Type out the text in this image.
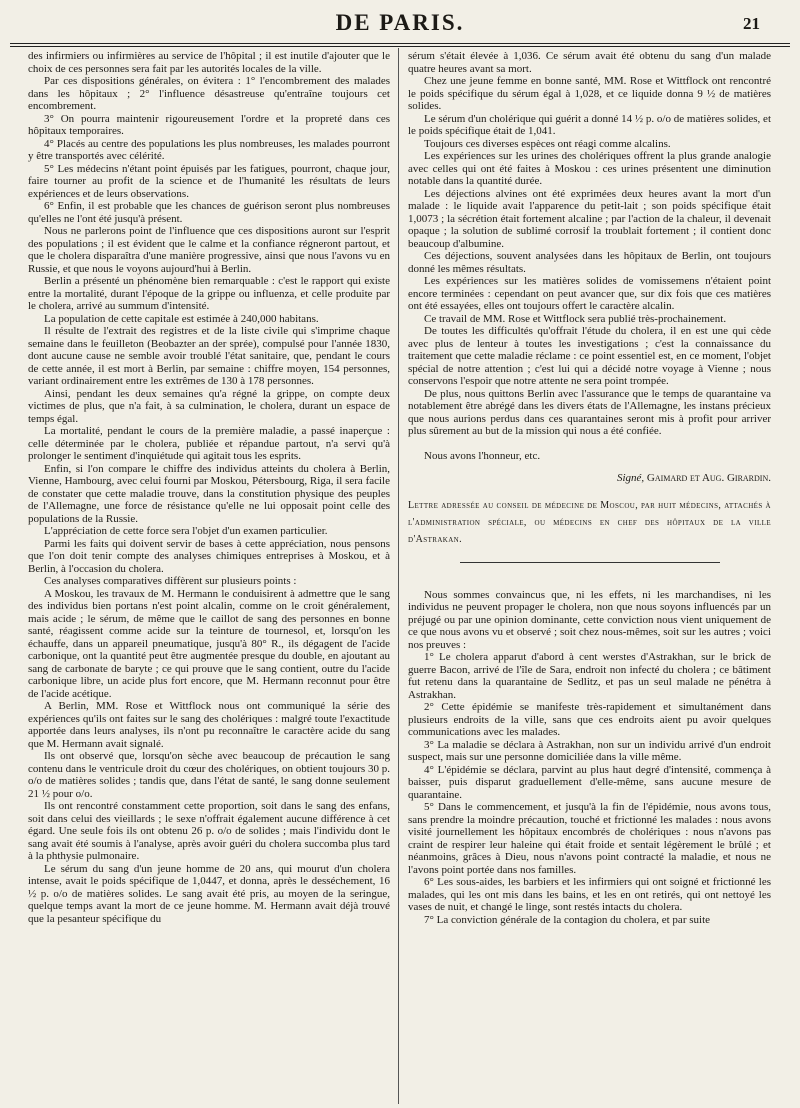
DE PARIS.	21

des infirmiers ou infirmières au service de l'hôpital ; il est inutile d'ajouter que le choix de ces personnes sera fait par les autorités locales de la ville.

Par ces dispositions générales, on évitera : 1° l'encombrement des malades dans les hôpitaux ; 2° l'influence désastreuse qu'entraîne toujours cet encombrement.

3° On pourra maintenir rigoureusement l'ordre et la propreté dans ces hôpitaux temporaires.

4° Placés au centre des populations les plus nombreuses, les malades pourront y être transportés avec célérité.

5° Les médecins n'étant point épuisés par les fatigues, pourront, chaque jour, faire tourner au profit de la science et de l'humanité les résultats de leurs expériences et de leurs observations.

6° Enfin, il est probable que les chances de guérison seront plus nombreuses qu'elles ne l'ont été jusqu'à présent.

Nous ne parlerons point de l'influence que ces dispositions auront sur l'esprit des populations ; il est évident que le calme et la confiance régneront partout, et que le cholera disparaîtra d'une manière progressive, ainsi que nous l'avons vu en Russie, et que nous le voyons aujourd'hui à Berlin.

Berlin a présenté un phénomène bien remarquable : c'est le rapport qui existe entre la mortalité, durant l'époque de la grippe ou influenza, et celle produite par le cholera, arrivé au summum d'intensité.

La population de cette capitale est estimée à 240,000 habitans.

Il résulte de l'extrait des registres et de la liste civile qui s'imprime chaque semaine dans le feuilleton (Beobazter an der sprée), compulsé pour l'année 1830, dont aucune cause ne semble avoir troublé l'état sanitaire, que, pendant le cours de cette année, il est mort à Berlin, par semaine : chiffre moyen, 154 personnes, variant ordinairement entre les extrêmes de 130 à 178 personnes.

Ainsi, pendant les deux semaines qu'a régné la grippe, on compte deux victimes de plus, que n'a fait, à sa culmination, le cholera, durant un espace de temps égal.

La mortalité, pendant le cours de la première maladie, a passé inaperçue : celle déterminée par le cholera, publiée et répandue partout, n'a servi qu'à prolonger le sentiment d'inquiétude qui agitait tous les esprits.

Enfin, si l'on compare le chiffre des individus atteints du cholera à Berlin, Vienne, Hambourg, avec celui fourni par Moskou, Pétersbourg, Riga, il sera facile de constater que cette maladie trouve, dans la constitution physique des peuples de l'Allemagne, une force de résistance qu'elle ne lui opposait point celle des populations de la Russie.

L'appréciation de cette force sera l'objet d'un examen particulier.

Parmi les faits qui doivent servir de bases à cette appréciation, nous pensons que l'on doit tenir compte des analyses chimiques entreprises à Moskou, et à Berlin, à l'occasion du cholera.

Ces analyses comparatives diffèrent sur plusieurs points :

A Moskou, les travaux de M. Hermann le conduisirent à admettre que le sang des individus bien portans n'est point alcalin, comme on le croit généralement, mais acide ; le sérum, de même que le caillot de sang des personnes en bonne santé, réagissent comme acide sur la teinture de tournesol, et, lorsqu'on les échauffe, dans un appareil pneumatique, jusqu'à 80° R., ils dégagent de l'acide carbonique, ont la quantité peut être augmentée presque du double, en ajoutant au sang de carbonate de baryte ; ce qui prouve que le sang contient, outre du l'acide carbonique libre, un acide plus fort encore, que M. Hermann reconnut pour être de l'acide acétique.

A Berlin, MM. Rose et Wittflock nous ont communiqué la série des expériences qu'ils ont faites sur le sang des cholériques : malgré toute l'exactitude apportée dans leurs analyses, ils n'ont pu reconnaître le caractère acide du sang que M. Hermann avait signalé.

Ils ont observé que, lorsqu'on sèche avec beaucoup de précaution le sang contenu dans le ventricule droit du cœur des cholériques, on obtient toujours 30 p. o/o de matières solides ; tandis que, dans l'état de santé, le sang donne seulement 21 ½ pour o/o.

Ils ont rencontré constamment cette proportion, soit dans le sang des enfans, soit dans celui des vieillards ; le sexe n'offrait également aucune différence à cet égard. Une seule fois ils ont obtenu 26 p. o/o de solides ; mais l'individu dont le sang avait été soumis à l'analyse, après avoir guéri du cholera succomba plus tard à la phthysie pulmonaire.

Le sérum du sang d'un jeune homme de 20 ans, qui mourut d'un cholera intense, avait le poids spécifique de 1,0447, et donna, après le desséchement, 16 ½ p. o/o de matières solides. Le sang avait été pris, au moyen de la seringue, quelque temps avant la mort de ce jeune homme. M. Hermann avait déjà trouvé que la pesanteur spécifique du

sérum s'était élevée à 1,036. Ce sérum avait été obtenu du sang d'un malade quatre heures avant sa mort.

Chez une jeune femme en bonne santé, MM. Rose et Wittflock ont rencontré le poids spécifique du sérum égal à 1,028, et ce liquide donna 9 ½ de matières solides.

Le sérum d'un cholérique qui guérit a donné 14 ½ p. o/o de matières solides, et le poids spécifique était de 1,041.

Toujours ces diverses espèces ont réagi comme alcalins.

Les expériences sur les urines des cholériques offrent la plus grande analogie avec celles qui ont été faites à Moskou : ces urines présentent une diminution notable dans la quantité durée.

Les déjections alvines ont été exprimées deux heures avant la mort d'un malade : le liquide avait l'apparence du petit-lait ; son poids spécifique était 1,0073 ; la sécrétion était fortement alcaline ; par l'action de la chaleur, il devenait opaque ; la solution de sublimé corrosif la troublait fortement ; il contient donc beaucoup d'albumine.

Ces déjections, souvent analysées dans les hôpitaux de Berlin, ont toujours donné les mêmes résultats.

Les expériences sur les matières solides de vomissemens n'étaient point encore terminées : cependant on peut avancer que, sur dix fois que ces matières ont été essayées, elles ont toujours offert le caractère alcalin.

Ce travail de MM. Rose et Wittflock sera publié très-prochainement.

De toutes les difficultés qu'offrait l'étude du cholera, il en est une qui cède avec plus de lenteur à toutes les investigations ; c'est la connaissance du traitement que cette maladie réclame : ce point essentiel est, en ce moment, l'objet spécial de notre attention ; c'est lui qui a décidé notre voyage à Vienne ; nous conservons l'espoir que notre attente ne sera point trompée.

De plus, nous quittons Berlin avec l'assurance que le temps de quarantaine va notablement être abrégé dans les divers états de l'Allemagne, les instans précieux que nous aurions perdus dans ces quarantaines seront mis à profit pour arriver plus sûrement au but de la mission qui nous a été confiée.

Nous avons l'honneur, etc.

Signé, Gaimard et Aug. Girardin.

Lettre adressée au conseil de médecine de Moscou, par huit médecins, attachés à l'administration spéciale, ou médecins en chef des hôpitaux de la ville d'Astrakan.

Nous sommes convaincus que, ni les effets, ni les marchandises, ni les individus ne peuvent propager le cholera, non que nous soyons influencés par un préjugé ou par une opinion dominante, cette conviction nous vient uniquement de ce que nous avons vu et observé ; soit chez nous-mêmes, soit sur les autres ; voici nos preuves :

1° Le cholera apparut d'abord à cent werstes d'Astrakhan, sur le brick de guerre Bacon, arrivé de l'île de Sara, endroit non infecté du cholera ; ce bâtiment fut retenu dans la quarantaine de Sedlitz, et pas un seul malade ne pénétra à Astrakhan.

2° Cette épidémie se manifeste très-rapidement et simultanément dans plusieurs endroits de la ville, sans que ces endroits aient pu avoir quelques communications avec les malades.

3° La maladie se déclara à Astrakhan, non sur un individu arrivé d'un endroit suspect, mais sur une personne domiciliée dans la ville même.

4° L'épidémie se déclara, parvint au plus haut degré d'intensité, commença à baisser, puis disparut graduellement d'elle-même, sans aucune mesure de quarantaine.

5° Dans le commencement, et jusqu'à la fin de l'épidémie, nous avons tous, sans prendre la moindre précaution, touché et frictionné les malades : nous avons visité journellement les hôpitaux encombrés de cholériques : nous n'avons pas craint de respirer leur haleine qui était froide et sentait légèrement le brûlé ; et néanmoins, grâces à Dieu, nous n'avons point contracté la maladie, et nous ne l'avons point portée dans nos familles.

6° Les sous-aides, les barbiers et les infirmiers qui ont soigné et frictionné les malades, qui les ont mis dans les bains, et les en ont retirés, qui ont nettoyé les vases de nuit, et changé le linge, sont restés intacts du cholera.

7° La conviction générale de la contagion du cholera, et par suite
